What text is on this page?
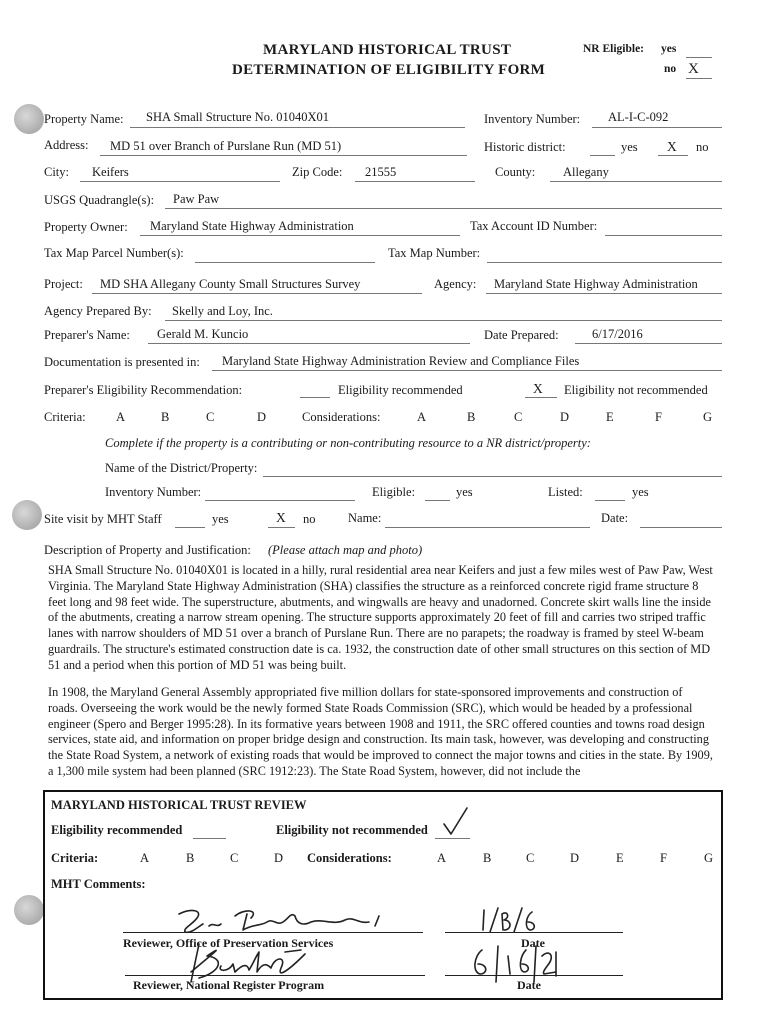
MARYLAND HISTORICAL TRUST
DETERMINATION OF ELIGIBILITY FORM
NR Eligible: yes
no X
Property Name: SHA Small Structure No. 01040X01	Inventory Number: AL-I-C-092
Address: MD 51 over Branch of Purslane Run (MD 51)	Historic district:	yes X no
City: Keifers	Zip Code: 21555	County: Allegany
USGS Quadrangle(s): Paw Paw
Property Owner: Maryland State Highway Administration	Tax Account ID Number:
Tax Map Parcel Number(s):	Tax Map Number:
Project: MD SHA Allegany County Small Structures Survey	Agency: Maryland State Highway Administration
Agency Prepared By: Skelly and Loy, Inc.
Preparer's Name: Gerald M. Kuncio	Date Prepared:	6/17/2016
Documentation is presented in: Maryland State Highway Administration Review and Compliance Files
Preparer's Eligibility Recommendation:	Eligibility recommended	X Eligibility not recommended
Criteria: A	B	C	D	Considerations:	A	B	C	D	E	F	G
Complete if the property is a contributing or non-contributing resource to a NR district/property:
Name of the District/Property:
Inventory Number:	Eligible:	yes	Listed:	yes
Site visit by MHT Staff	yes	X no	Name:	Date:
Description of Property and Justification: (Please attach map and photo)
SHA Small Structure No. 01040X01 is located in a hilly, rural residential area near Keifers and just a few miles west of Paw Paw, West Virginia. The Maryland State Highway Administration (SHA) classifies the structure as a reinforced concrete rigid frame structure 8 feet long and 98 feet wide. The superstructure, abutments, and wingwalls are heavy and unadorned. Concrete skirt walls line the inside of the abutments, creating a narrow stream opening. The structure supports approximately 20 feet of fill and carries two striped traffic lanes with narrow shoulders of MD 51 over a branch of Purslane Run. There are no parapets; the roadway is framed by steel W-beam guardrails. The structure's estimated construction date is ca. 1932, the construction date of other small structures on this section of MD 51 and a period when this portion of MD 51 was being built.
In 1908, the Maryland General Assembly appropriated five million dollars for state-sponsored improvements and construction of roads. Overseeing the work would be the newly formed State Roads Commission (SRC), which would be headed by a professional engineer (Spero and Berger 1995:28). In its formative years between 1908 and 1911, the SRC offered counties and towns road design services, state aid, and information on proper bridge design and construction. Its main task, however, was developing and constructing the State Road System, a network of existing roads that would be improved to connect the major towns and cities in the state. By 1909, a 1,300 mile system had been planned (SRC 1912:23). The State Road System, however, did not include the
MARYLAND HISTORICAL TRUST REVIEW
Eligibility recommended	Eligibility not recommended
Criteria:	A	B	C	D Considerations:	A	B	C	D	E	F	G
MHT Comments:
Reviewer, Office of Preservation Services	Date
Reviewer, National Register Program	Date
